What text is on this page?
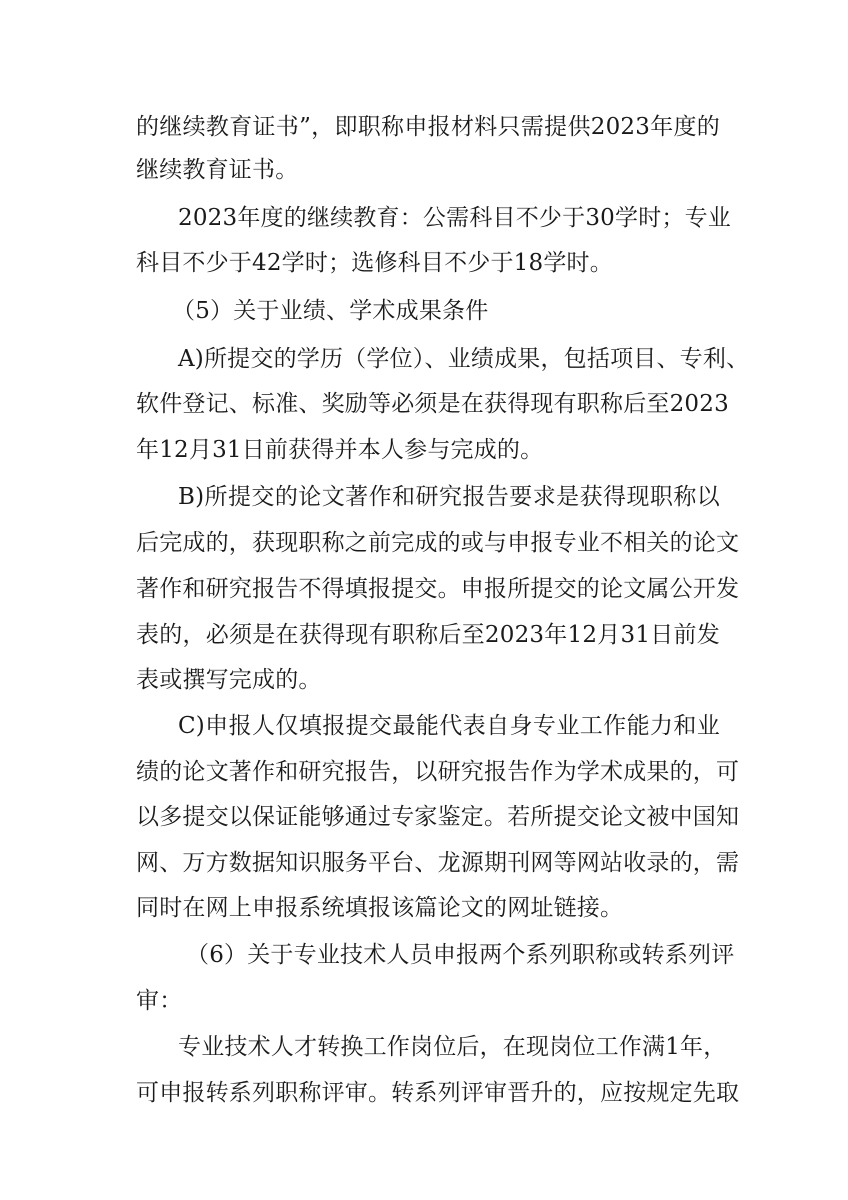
的继续教育证书”，即职称申报材料只需提供2023年度的
继续教育证书。
2023年度的继续教育：公需科目不少于30学时；专业
科目不少于42学时；选修科目不少于18学时。
（5）关于业绩、学术成果条件
A)所提交的学历（学位）、业绩成果，包括项目、专利、
软件登记、标准、奖励等必须是在获得现有职称后至2023
年12月31日前获得并本人参与完成的。
B)所提交的论文著作和研究报告要求是获得现职称以
后完成的，获现职称之前完成的或与申报专业不相关的论文
著作和研究报告不得填报提交。申报所提交的论文属公开发
表的，必须是在获得现有职称后至2023年12月31日前发
表或撰写完成的。
C)申报人仅填报提交最能代表自身专业工作能力和业
绩的论文著作和研究报告，以研究报告作为学术成果的，可
以多提交以保证能够通过专家鉴定。若所提交论文被中国知
网、万方数据知识服务平台、龙源期刊网等网站收录的，需
同时在网上申报系统填报该篇论文的网址链接。
（6）关于专业技术人员申报两个系列职称或转系列评
审：
专业技术人才转换工作岗位后，在现岗位工作满1年，
可申报转系列职称评审。转系列评审晋升的，应按规定先取
